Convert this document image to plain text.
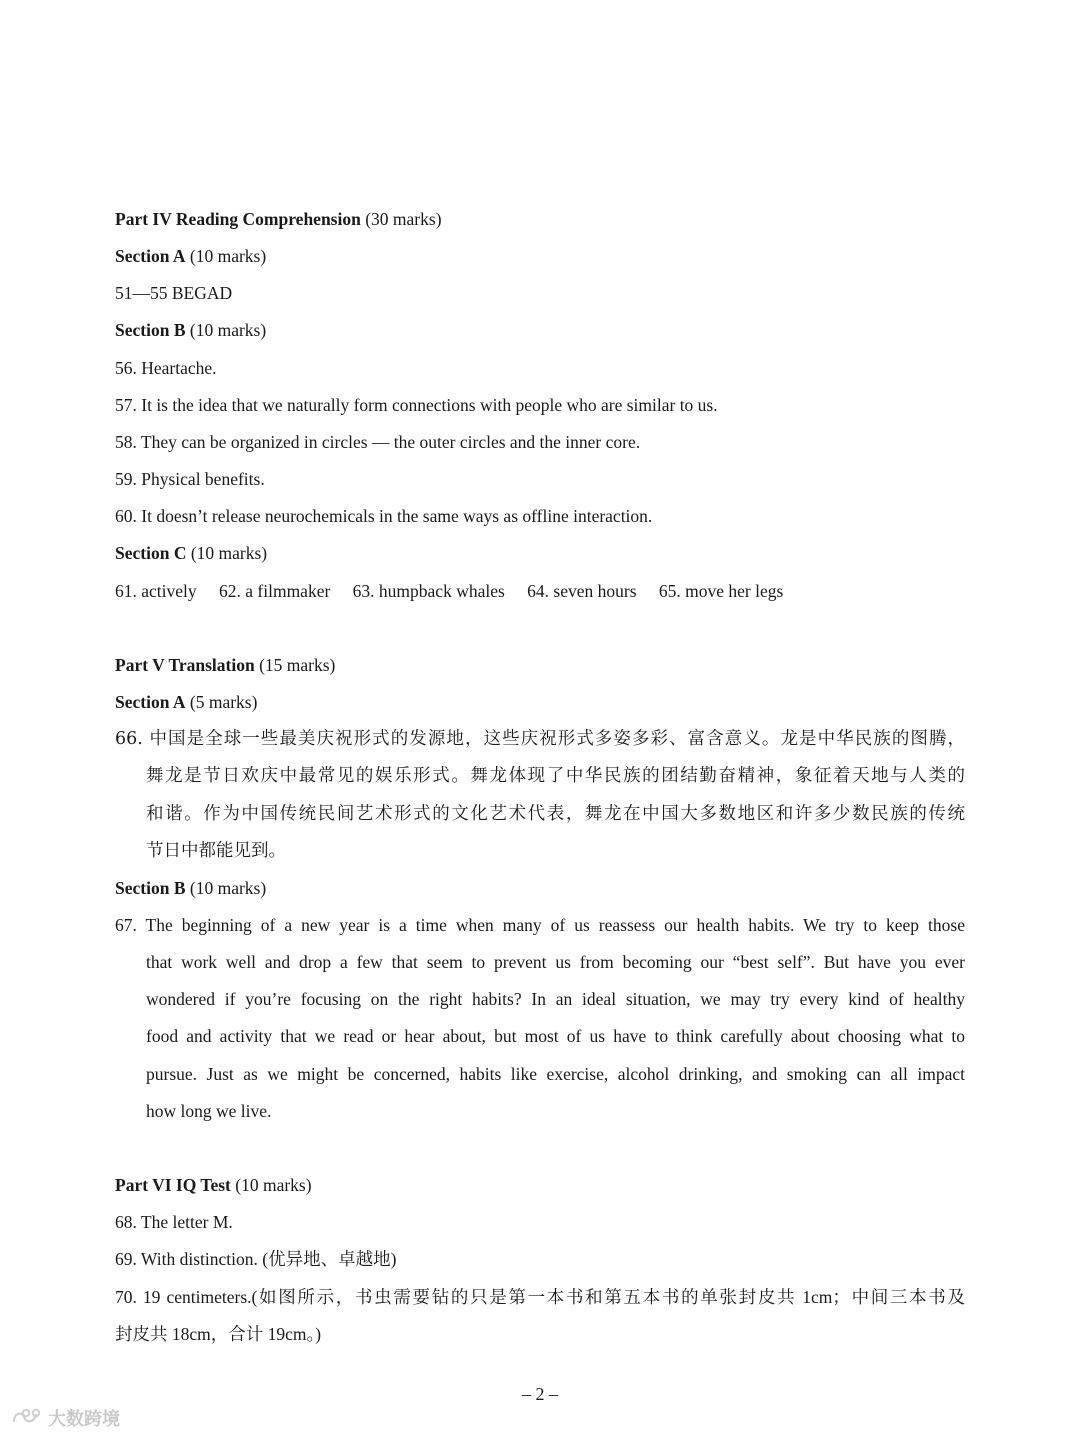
Part IV Reading Comprehension (30 marks)
Section A (10 marks)
51—55 BEGAD
Section B (10 marks)
56. Heartache.
57. It is the idea that we naturally form connections with people who are similar to us.
58. They can be organized in circles — the outer circles and the inner core.
59. Physical benefits.
60. It doesn’t release neurochemicals in the same ways as offline interaction.
Section C (10 marks)
61. actively 62. a filmmaker 63. humpback whales 64. seven hours 65. move her legs
Part V Translation (15 marks)
Section A (5 marks)
66. 中国是全球一些最美庆祝形式的发源地，这些庆祝形式多姿多彩、富含意义。龙是中华民族的图腾，
舞龙是节日欢庆中最常见的娱乐形式。舞龙体现了中华民族的团结勤奋精神，象征着天地与人类的
和谐。作为中国传统民间艺术形式的文化艺术代表，舞龙在中国大多数地区和许多少数民族的传统
节日中都能见到。
Section B (10 marks)
67. The beginning of a new year is a time when many of us reassess our health habits. We try to keep those
that work well and drop a few that seem to prevent us from becoming our “best self”. But have you ever
wondered if you’re focusing on the right habits? In an ideal situation, we may try every kind of healthy
food and activity that we read or hear about, but most of us have to think carefully about choosing what to
pursue. Just as we might be concerned, habits like exercise, alcohol drinking, and smoking can all impact
how long we live.
Part VI IQ Test (10 marks)
68. The letter M.
69. With distinction. (优异地、卓越地)
70. 19 centimeters.(如图所示，书虫需要钻的只是第一本书和第五本书的单张封皮共 1cm；中间三本书及
封皮共 18cm，合计 19cm。)
– 2 –
大数跨境
